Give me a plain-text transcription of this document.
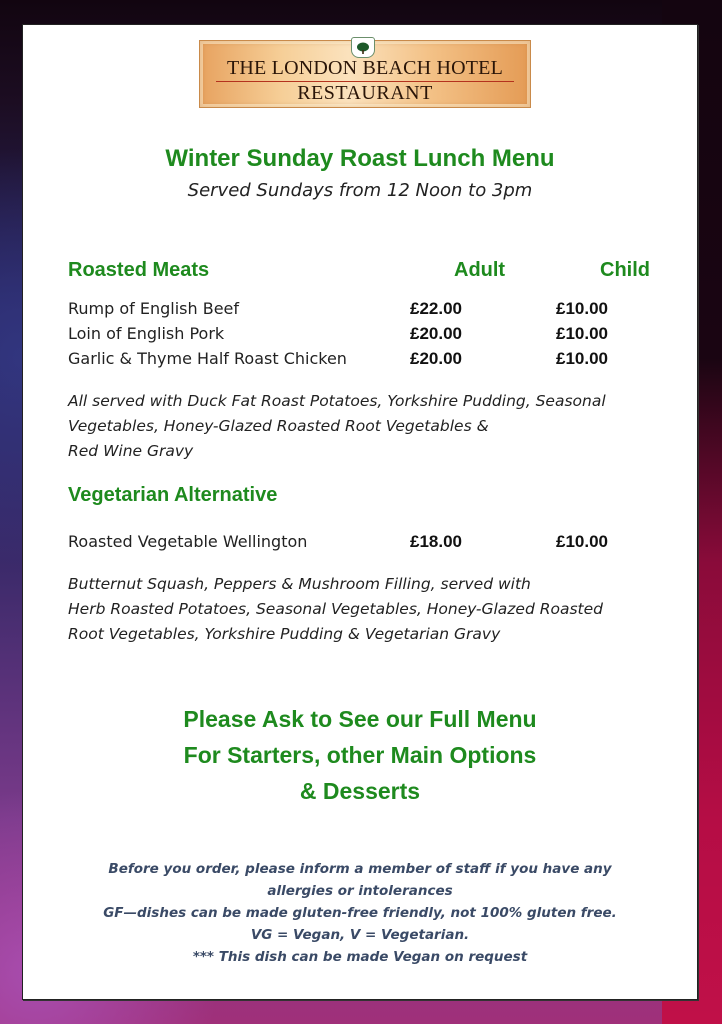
THE LONDON BEACH HOTEL
RESTAURANT
Winter Sunday Roast Lunch Menu
Served Sundays from 12 Noon to 3pm
Roasted Meats	Adult	Child
Rump of English Beef	£22.00	£10.00
Loin of English Pork	£20.00	£10.00
Garlic & Thyme Half Roast Chicken	£20.00	£10.00
All served with Duck Fat Roast Potatoes, Yorkshire Pudding, Seasonal
Vegetables, Honey-Glazed Roasted Root Vegetables &
Red Wine Gravy
Vegetarian Alternative
Roasted Vegetable Wellington	£18.00	£10.00
Butternut Squash, Peppers & Mushroom Filling, served with
Herb Roasted Potatoes, Seasonal Vegetables, Honey-Glazed Roasted
Root Vegetables, Yorkshire Pudding & Vegetarian Gravy
Please Ask to See our Full Menu
For Starters, other Main Options
& Desserts
Before you order, please inform a member of staff if you have any
allergies or intolerances
GF—dishes can be made gluten-free friendly, not 100% gluten free.
VG = Vegan, V = Vegetarian.
*** This dish can be made Vegan on request
